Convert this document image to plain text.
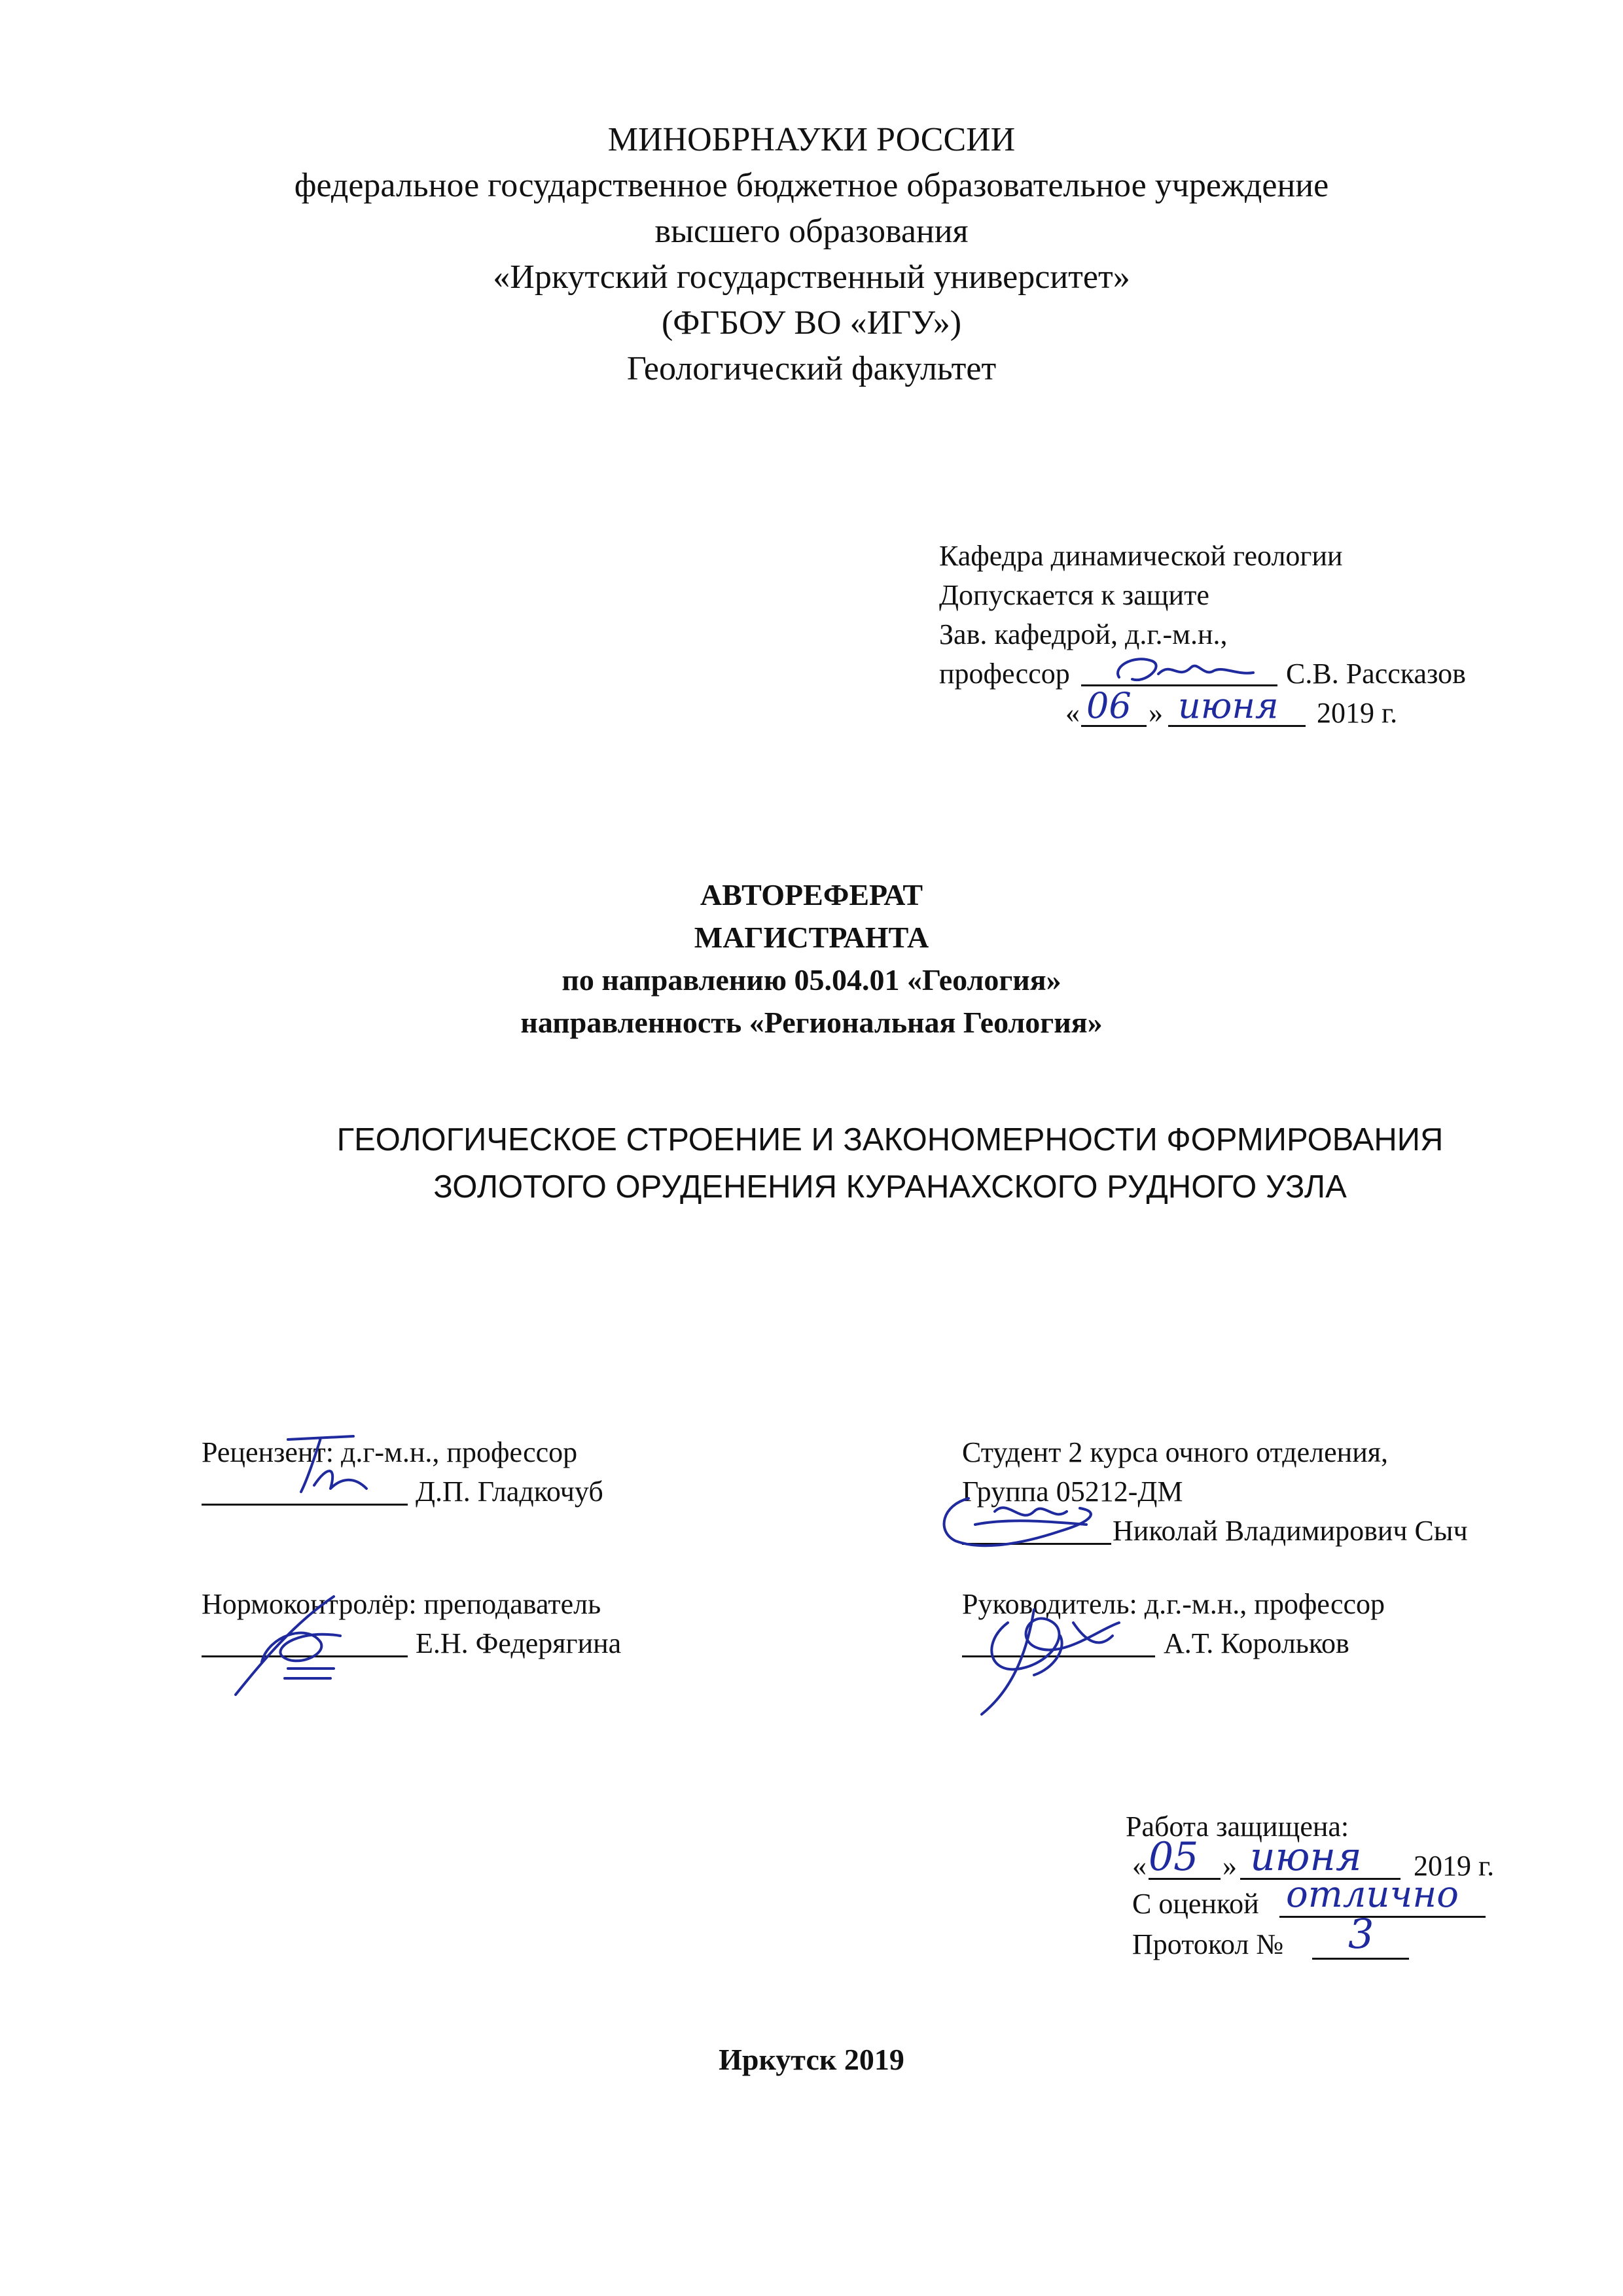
МИНОБРНАУКИ РОССИИ
федеральное государственное бюджетное образовательное учреждение
высшего образования
«Иркутский государственный университет»
(ФГБОУ ВО «ИГУ»)
Геологический факультет
Кафедра динамической геологии
Допускается к защите
Зав. кафедрой, д.г.-м.н.,
профессор	С.В. Рассказов
« 06 » июня 2019 г.
АВТОРЕФЕРАТ
МАГИСТРАНТА
по направлению 05.04.01 «Геология»
направленность «Региональная Геология»
ГЕОЛОГИЧЕСКОЕ СТРОЕНИЕ И ЗАКОНОМЕРНОСТИ ФОРМИРОВАНИЯ
ЗОЛОТОГО ОРУДЕНЕНИЯ КУРАНАХСКОГО РУДНОГО УЗЛА
Рецензент: д.г-м.н., профессор
Д.П. Гладкочуб
Нормоконтролёр: преподаватель
Е.Н. Федерягина
Студент 2 курса очного отделения,
Группа 05212-ДМ
Николай Владимирович Сыч
Руководитель: д.г.-м.н., профессор
А.Т. Корольков
Работа защищена:
« 05 » июня 2019 г.
С оценкой отлично
Протокол № 3
Иркутск 2019
